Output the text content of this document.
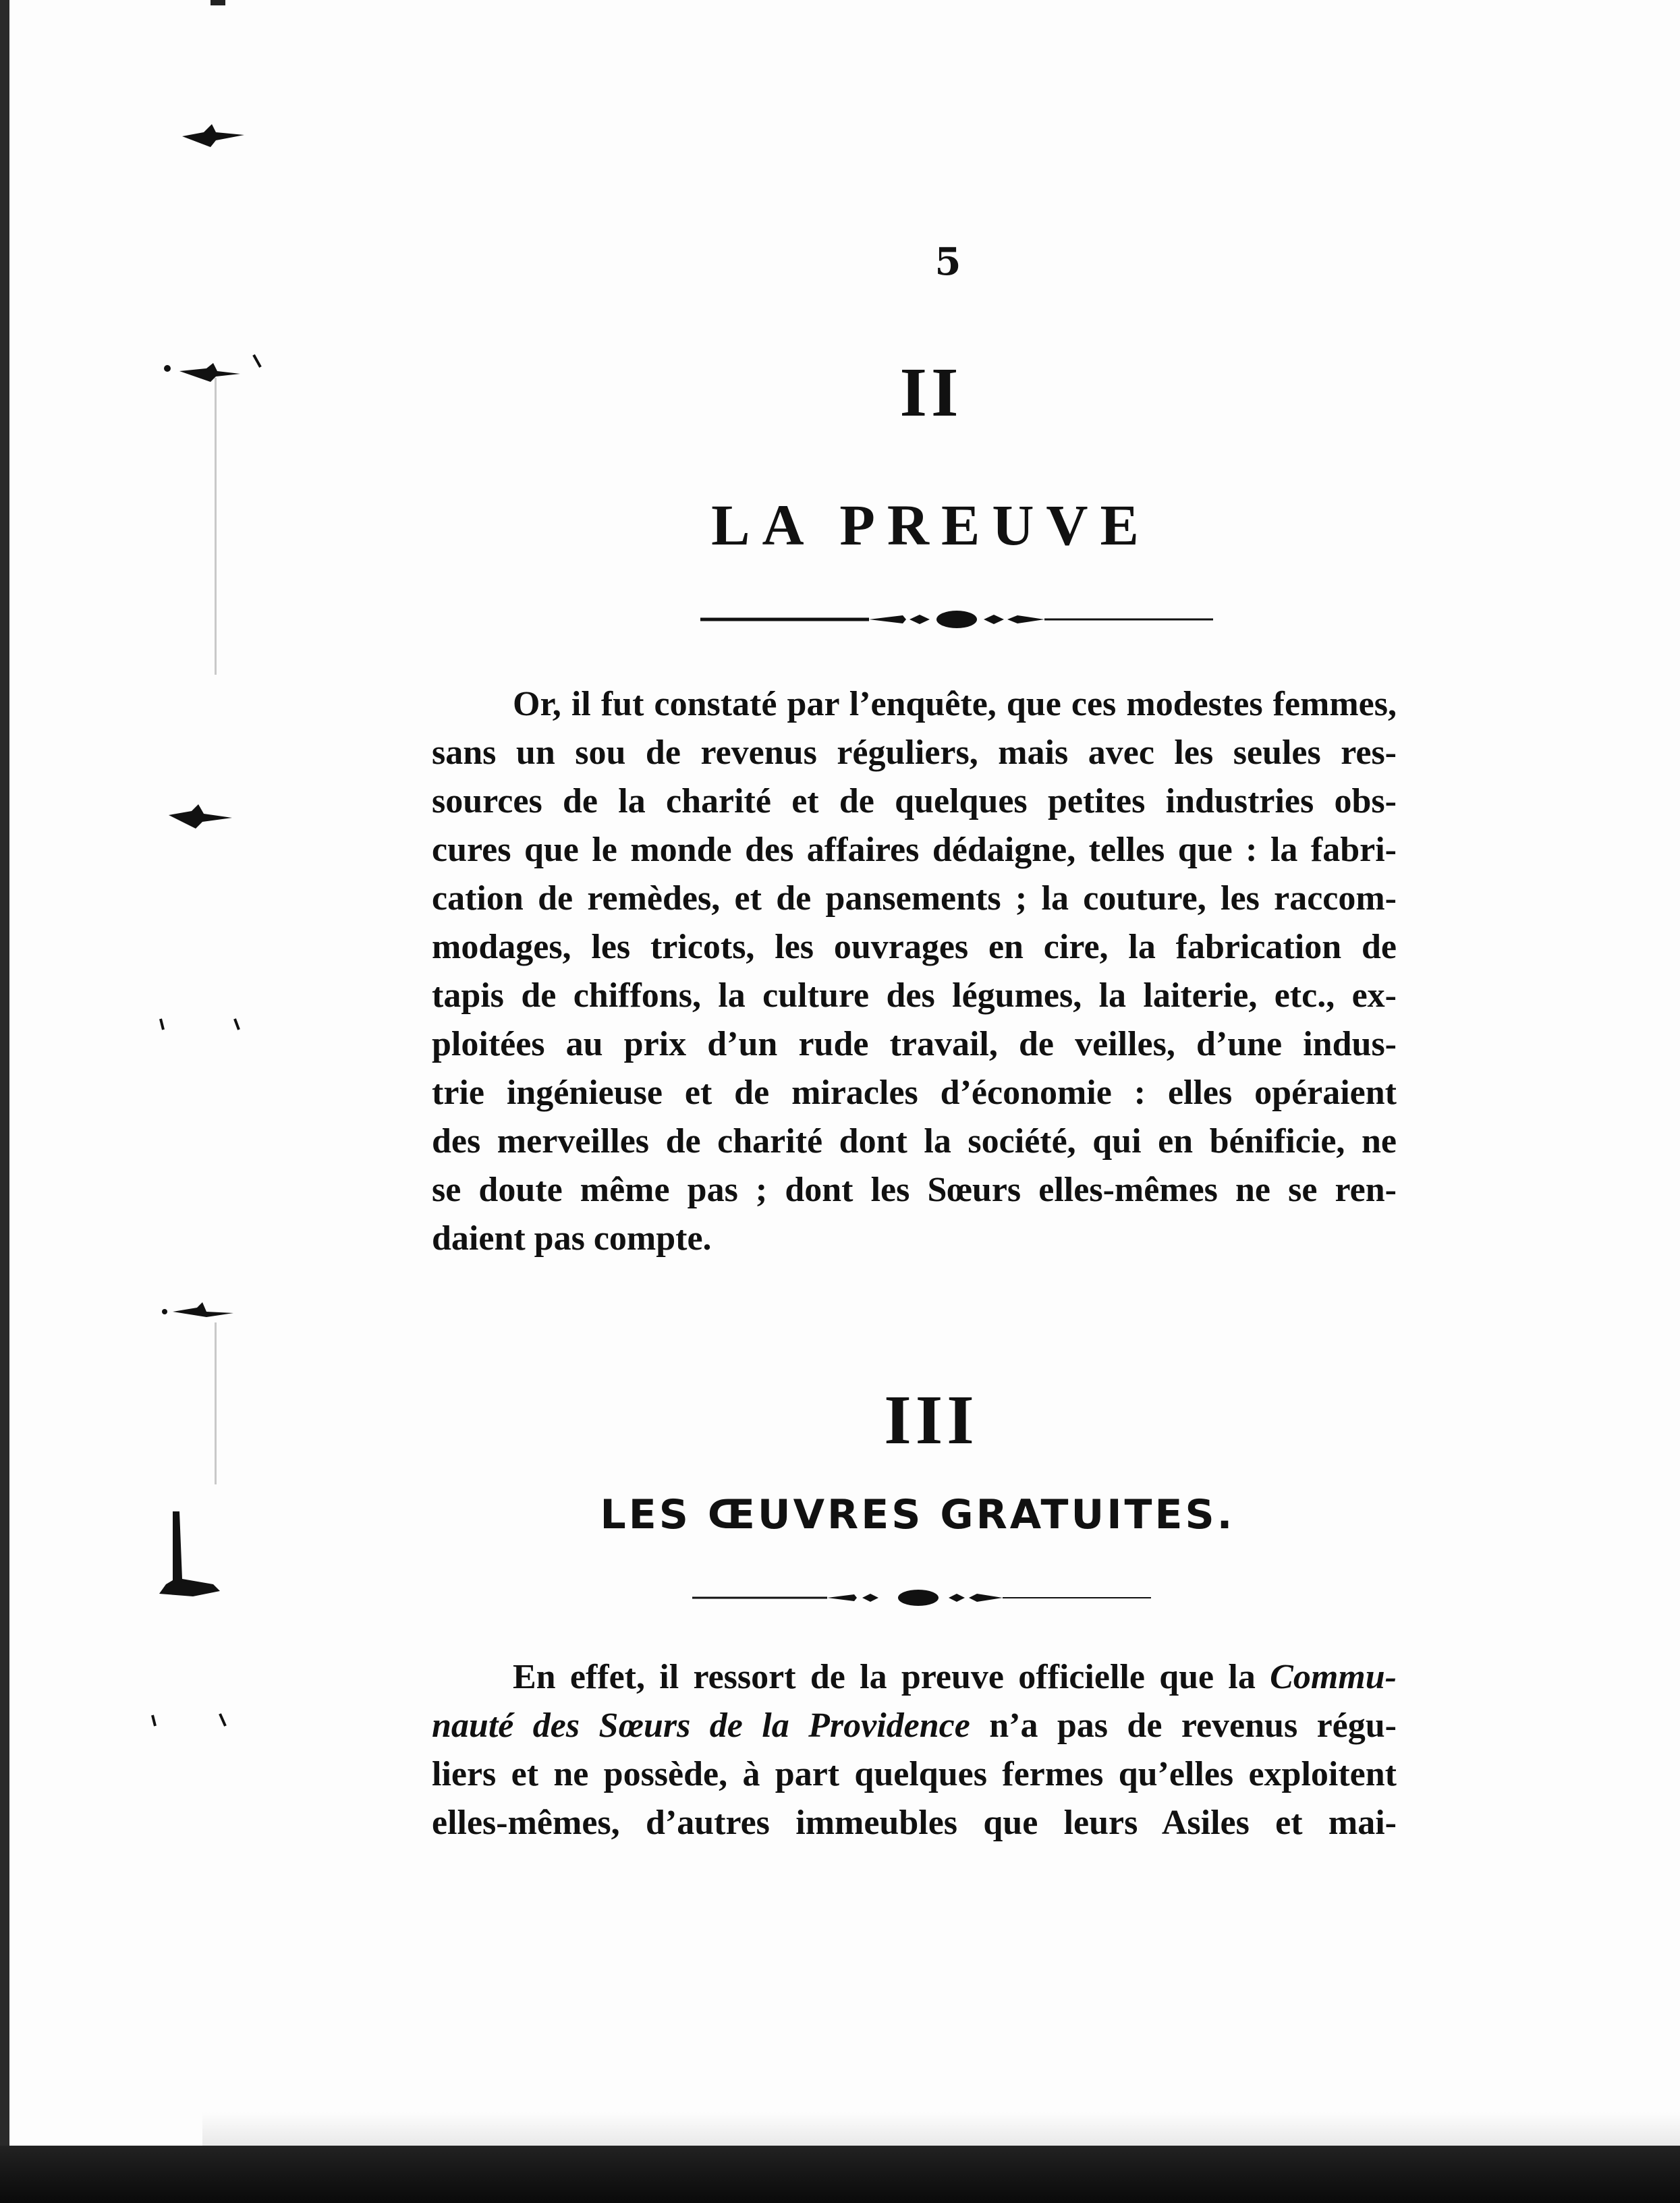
5
II
LA PREUVE
Or, il fut constaté par l’enquête, que ces modestes femmes,
sans un sou de revenus réguliers, mais avec les seules res-
sources de la charité et de quelques petites industries obs-
cures que le monde des affaires dédaigne, telles que : la fabri-
cation de remèdes, et de pansements ; la couture, les raccom-
modages, les tricots, les ouvrages en cire, la fabrication de
tapis de chiffons, la culture des légumes, la laiterie, etc., ex-
ploitées au prix d’un rude travail, de veilles, d’une indus-
trie ingénieuse et de miracles d’économie : elles opéraient
des merveilles de charité dont la société, qui en bénificie, ne
se doute même pas ; dont les Sœurs elles-mêmes ne se ren-
daient pas compte.
III
LES ŒUVRES GRATUITES.
En effet, il ressort de la preuve officielle que la Commu-
nauté des Sœurs de la Providence n’a pas de revenus régu-
liers et ne possède, à part quelques fermes qu’elles exploitent
elles-mêmes, d’autres immeubles que leurs Asiles et mai-
